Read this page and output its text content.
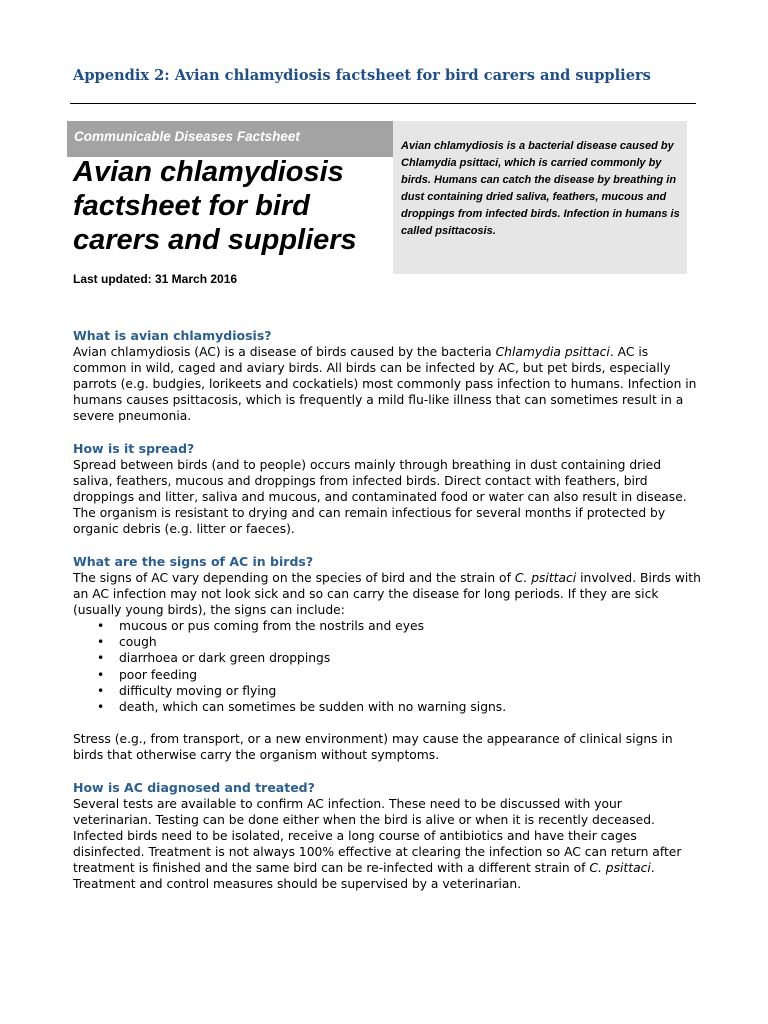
Appendix 2: Avian chlamydiosis factsheet for bird carers and suppliers
Communicable Diseases Factsheet
Avian chlamydiosis factsheet for bird carers and suppliers

Avian chlamydiosis is a bacterial disease caused by Chlamydia psittaci, which is carried commonly by birds. Humans can catch the disease by breathing in dust containing dried saliva, feathers, mucous and droppings from infected birds. Infection in humans is called psittacosis.

Last updated: 31 March 2016
What is avian chlamydiosis?

Avian chlamydiosis (AC) is a disease of birds caused by the bacteria Chlamydia psittaci. AC is common in wild, caged and aviary birds. All birds can be infected by AC, but pet birds, especially parrots (e.g. budgies, lorikeets and cockatiels) most commonly pass infection to humans. Infection in humans causes psittacosis, which is frequently a mild flu-like illness that can sometimes result in a severe pneumonia.

How is it spread?

Spread between birds (and to people) occurs mainly through breathing in dust containing dried saliva, feathers, mucous and droppings from infected birds. Direct contact with feathers, bird droppings and litter, saliva and mucous, and contaminated food or water can also result in disease. The organism is resistant to drying and can remain infectious for several months if protected by organic debris (e.g. litter or faeces).

What are the signs of AC in birds?

The signs of AC vary depending on the species of bird and the strain of C. psittaci involved. Birds with an AC infection may not look sick and so can carry the disease for long periods. If they are sick (usually young birds), the signs can include:

• mucous or pus coming from the nostrils and eyes
• cough
• diarrhoea or dark green droppings
• poor feeding
• difficulty moving or flying
• death, which can sometimes be sudden with no warning signs.

Stress (e.g., from transport, or a new environment) may cause the appearance of clinical signs in birds that otherwise carry the organism without symptoms.

How is AC diagnosed and treated?

Several tests are available to confirm AC infection. These need to be discussed with your veterinarian. Testing can be done either when the bird is alive or when it is recently deceased. Infected birds need to be isolated, receive a long course of antibiotics and have their cages disinfected. Treatment is not always 100% effective at clearing the infection so AC can return after treatment is finished and the same bird can be re-infected with a different strain of C. psittaci. Treatment and control measures should be supervised by a veterinarian.
